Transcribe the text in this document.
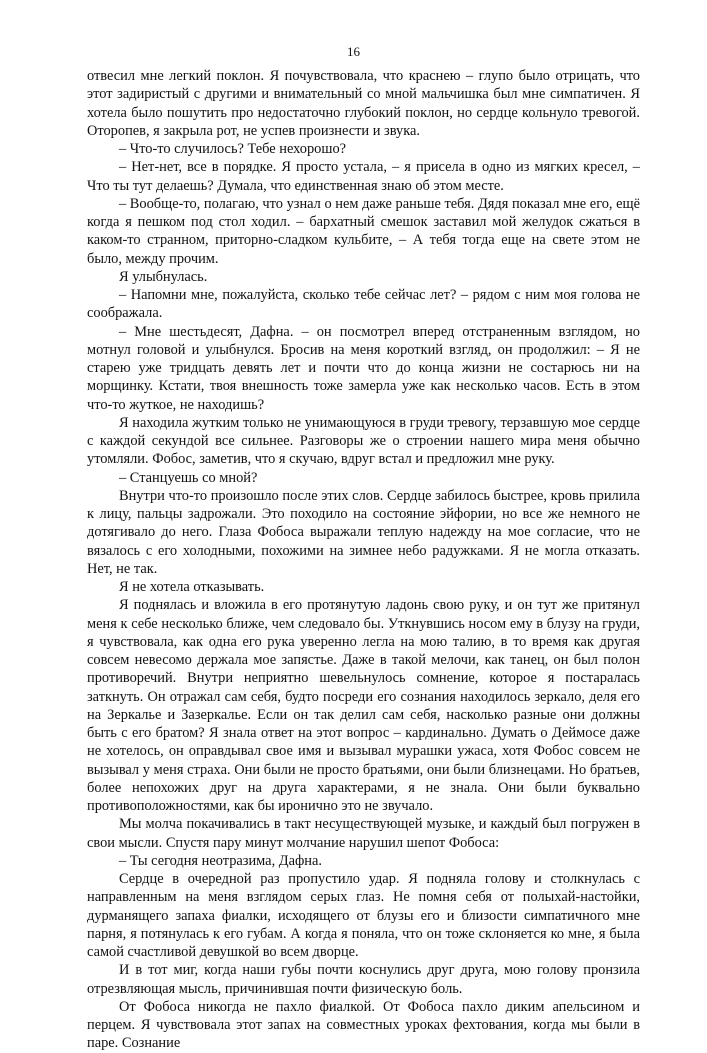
16

отвесил мне легкий поклон. Я почувствовала, что краснею – глупо было отрицать, что этот задиристый с другими и внимательный со мной мальчишка был мне симпатичен. Я хотела было пошутить про недостаточно глубокий поклон, но сердце кольнуло тревогой. Оторопев, я закрыла рот, не успев произнести и звука.

– Что-то случилось? Тебе нехорошо?

– Нет-нет, все в порядке. Я просто устала, – я присела в одно из мягких кресел, – Что ты тут делаешь? Думала, что единственная знаю об этом месте.

– Вообще-то, полагаю, что узнал о нем даже раньше тебя. Дядя показал мне его, ещё когда я пешком под стол ходил. – бархатный смешок заставил мой желудок сжаться в каком-то странном, приторно-сладком кульбите, – А тебя тогда еще на свете этом не было, между прочим.

Я улыбнулась.

– Напомни мне, пожалуйста, сколько тебе сейчас лет? – рядом с ним моя голова не соображала.

– Мне шестьдесят, Дафна. – он посмотрел вперед отстраненным взглядом, но мотнул головой и улыбнулся. Бросив на меня короткий взгляд, он продолжил: – Я не старею уже тридцать девять лет и почти что до конца жизни не состарюсь ни на морщинку. Кстати, твоя внешность тоже замерла уже как несколько часов. Есть в этом что-то жуткое, не находишь?

Я находила жутким только не унимающуюся в груди тревогу, терзавшую мое сердце с каждой секундой все сильнее. Разговоры же о строении нашего мира меня обычно утомляли. Фобос, заметив, что я скучаю, вдруг встал и предложил мне руку.

– Станцуешь со мной?

Внутри что-то произошло после этих слов. Сердце забилось быстрее, кровь прилила к лицу, пальцы задрожали. Это походило на состояние эйфории, но все же немного не дотягивало до него. Глаза Фобоса выражали теплую надежду на мое согласие, что не вязалось с его холодными, похожими на зимнее небо радужками. Я не могла отказать. Нет, не так.

Я не хотела отказывать.

Я поднялась и вложила в его протянутую ладонь свою руку, и он тут же притянул меня к себе несколько ближе, чем следовало бы. Уткнувшись носом ему в блузу на груди, я чувствовала, как одна его рука уверенно легла на мою талию, в то время как другая совсем невесомо держала мое запястье. Даже в такой мелочи, как танец, он был полон противоречий. Внутри неприятно шевельнулось сомнение, которое я постаралась заткнуть. Он отражал сам себя, будто посреди его сознания находилось зеркало, деля его на Зеркалье и Зазеркалье. Если он так делил сам себя, насколько разные они должны быть с его братом? Я знала ответ на этот вопрос – кардинально. Думать о Деймосе даже не хотелось, он оправдывал свое имя и вызывал мурашки ужаса, хотя Фобос совсем не вызывал у меня страха. Они были не просто братьями, они были близнецами. Но братьев, более непохожих друг на друга характерами, я не знала. Они были буквально противоположностями, как бы иронично это не звучало.

Мы молча покачивались в такт несуществующей музыке, и каждый был погружен в свои мысли. Спустя пару минут молчание нарушил шепот Фобоса:

– Ты сегодня неотразима, Дафна.

Сердце в очередной раз пропустило удар. Я подняла голову и столкнулась с направленным на меня взглядом серых глаз. Не помня себя от полыхай-настойки, дурманящего запаха фиалки, исходящего от блузы его и близости симпатичного мне парня, я потянулась к его губам. А когда я поняла, что он тоже склоняется ко мне, я была самой счастливой девушкой во всем дворце.

И в тот миг, когда наши губы почти коснулись друг друга, мою голову пронзила отрезвляющая мысль, причинившая почти физическую боль.

От Фобоса никогда не пахло фиалкой. От Фобоса пахло диким апельсином и перцем. Я чувствовала этот запах на совместных уроках фехтования, когда мы были в паре. Сознание
